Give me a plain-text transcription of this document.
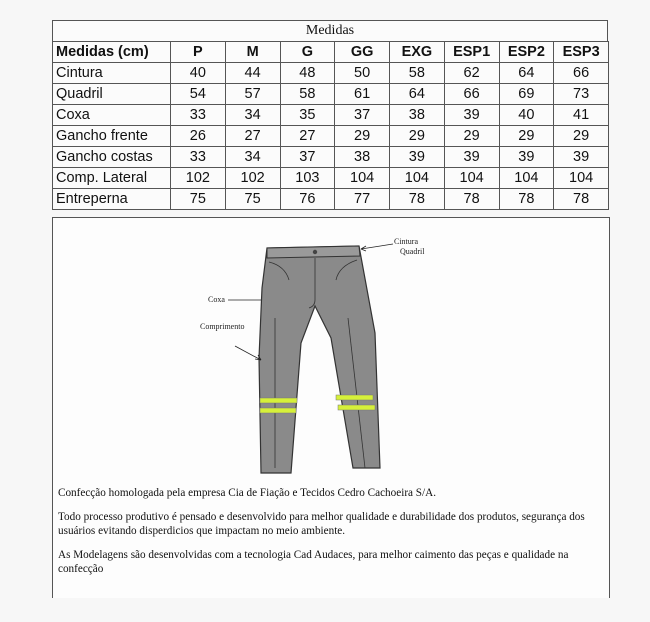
Medidas
Medidas (cm)	P	M	G	GG	EXG	ESP1	ESP2	ESP3
Cintura	40	44	48	50	58	62	64	66
Quadril	54	57	58	61	64	66	69	73
Coxa	33	34	35	37	38	39	40	41
Gancho frente	26	27	27	29	29	29	29	29
Gancho costas	33	34	37	38	39	39	39	39
Comp. Lateral	102	102	103	104	104	104	104	104
Entreperna	75	75	76	77	78	78	78	78
Cintura
Quadril
Coxa
Comprimento

Confecção homologada pela empresa Cia de Fiação e Tecidos Cedro Cachoeira S/A.

Todo processo produtivo é pensado e desenvolvido para melhor qualidade e durabilidade dos produtos, segurança dos usuários evitando disperdicios que impactam no meio ambiente.

As Modelagens são desenvolvidas com a tecnologia Cad Audaces, para melhor caimento das peças e qualidade na confecção
